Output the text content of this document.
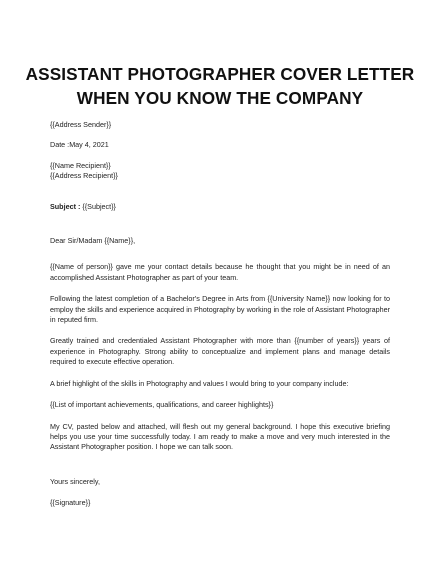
ASSISTANT PHOTOGRAPHER COVER LETTER
WHEN YOU KNOW THE COMPANY
{{Address Sender}}
Date :May 4, 2021
{{Name Recipient}}
{{Address Recipient}}
Subject : {{Subject}}
Dear Sir/Madam {{Name}},

{{Name of person}} gave me your contact details because he thought that you might be in need of an accomplished Assistant Photographer as part of your team.

Following the latest completion of a Bachelor's Degree in Arts from {{University Name}} now looking for to employ the skills and experience acquired in Photography by working in the role of Assistant Photographer in reputed firm.

Greatly trained and credentialed Assistant Photographer with more than {{number of years}} years of experience in Photography. Strong ability to conceptualize and implement plans and manage details required to execute effective operation.

A brief highlight of the skills in Photography and values I would bring to your company include:

{{List of important achievements, qualifications, and career highlights}}

My CV, pasted below and attached, will flesh out my general background. I hope this executive briefing helps you use your time successfully today. I am ready to make a move and very much interested in the Assistant Photographer position. I hope we can talk soon.

Yours sincerely,
{{Signature}}
